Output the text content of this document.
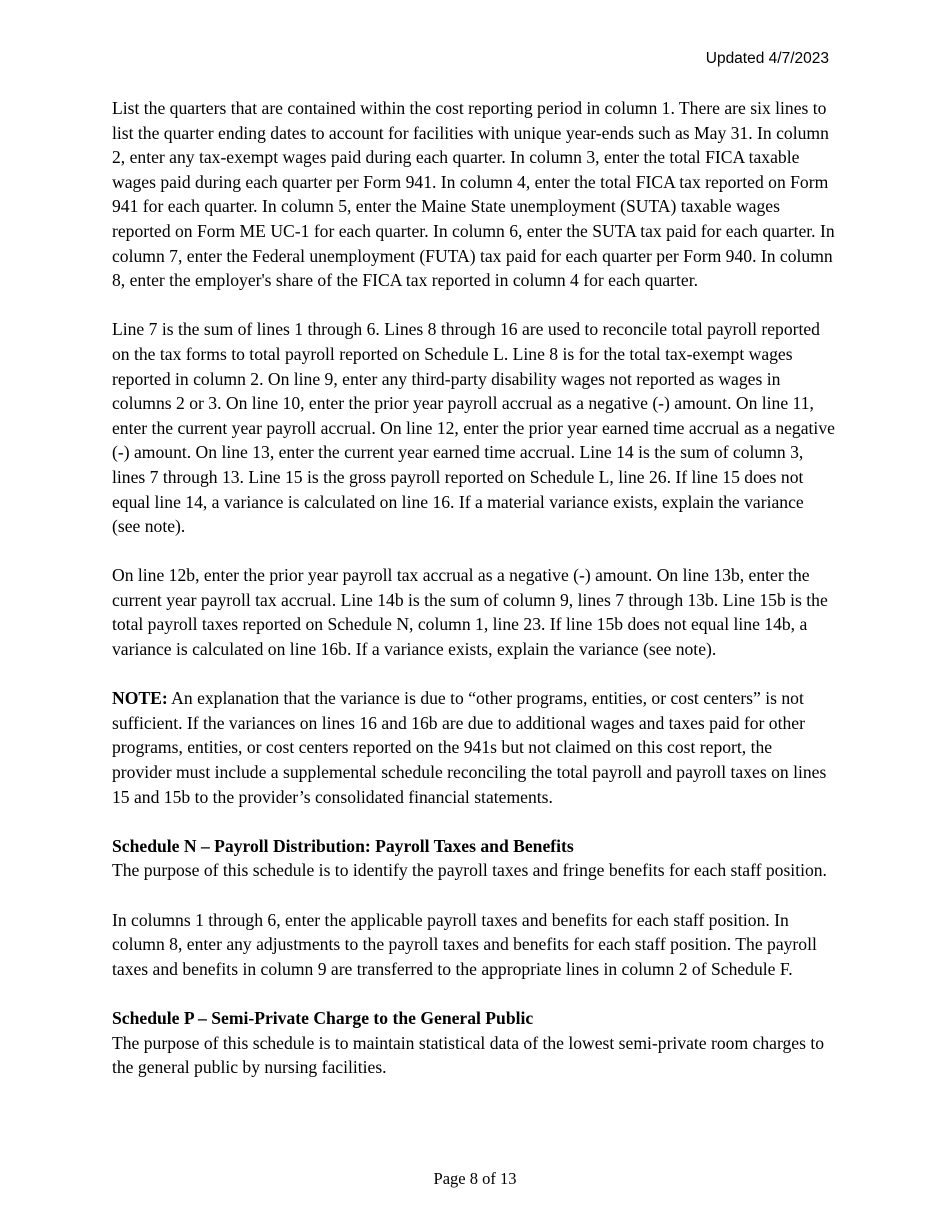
Updated 4/7/2023

List the quarters that are contained within the cost reporting period in column 1. There are six lines to list the quarter ending dates to account for facilities with unique year-ends such as May 31. In column 2, enter any tax-exempt wages paid during each quarter. In column 3, enter the total FICA taxable wages paid during each quarter per Form 941. In column 4, enter the total FICA tax reported on Form 941 for each quarter. In column 5, enter the Maine State unemployment (SUTA) taxable wages reported on Form ME UC-1 for each quarter. In column 6, enter the SUTA tax paid for each quarter. In column 7, enter the Federal unemployment (FUTA) tax paid for each quarter per Form 940. In column 8, enter the employer's share of the FICA tax reported in column 4 for each quarter.

Line 7 is the sum of lines 1 through 6. Lines 8 through 16 are used to reconcile total payroll reported on the tax forms to total payroll reported on Schedule L. Line 8 is for the total tax-exempt wages reported in column 2. On line 9, enter any third-party disability wages not reported as wages in columns 2 or 3. On line 10, enter the prior year payroll accrual as a negative (-) amount. On line 11, enter the current year payroll accrual. On line 12, enter the prior year earned time accrual as a negative (-) amount. On line 13, enter the current year earned time accrual. Line 14 is the sum of column 3, lines 7 through 13. Line 15 is the gross payroll reported on Schedule L, line 26. If line 15 does not equal line 14, a variance is calculated on line 16. If a material variance exists, explain the variance (see note).

On line 12b, enter the prior year payroll tax accrual as a negative (-) amount. On line 13b, enter the current year payroll tax accrual. Line 14b is the sum of column 9, lines 7 through 13b. Line 15b is the total payroll taxes reported on Schedule N, column 1, line 23. If line 15b does not equal line 14b, a variance is calculated on line 16b. If a variance exists, explain the variance (see note).

NOTE: An explanation that the variance is due to “other programs, entities, or cost centers” is not sufficient. If the variances on lines 16 and 16b are due to additional wages and taxes paid for other programs, entities, or cost centers reported on the 941s but not claimed on this cost report, the provider must include a supplemental schedule reconciling the total payroll and payroll taxes on lines 15 and 15b to the provider’s consolidated financial statements.

Schedule N – Payroll Distribution: Payroll Taxes and Benefits

The purpose of this schedule is to identify the payroll taxes and fringe benefits for each staff position.

In columns 1 through 6, enter the applicable payroll taxes and benefits for each staff position. In column 8, enter any adjustments to the payroll taxes and benefits for each staff position. The payroll taxes and benefits in column 9 are transferred to the appropriate lines in column 2 of Schedule F.

Schedule P – Semi-Private Charge to the General Public

The purpose of this schedule is to maintain statistical data of the lowest semi-private room charges to the general public by nursing facilities.

Page 8 of 13
